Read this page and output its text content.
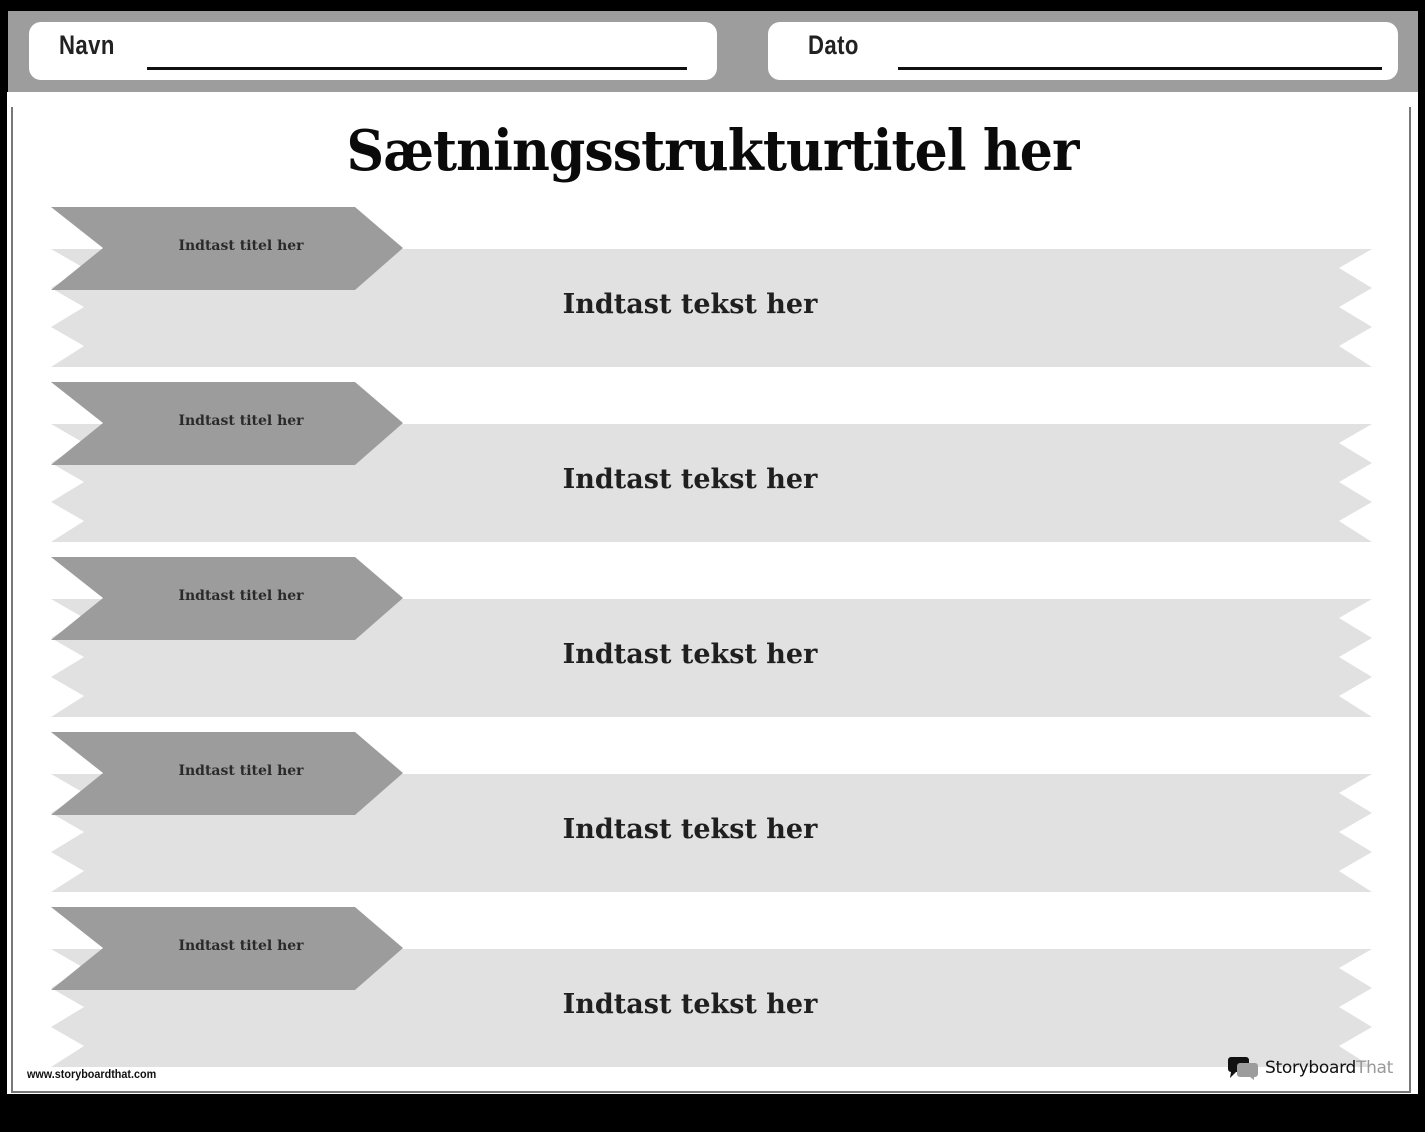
Navn	Dato
Sætningsstrukturtitel her
Indtast titel her
Indtast tekst her
Indtast titel her
Indtast tekst her
Indtast titel her
Indtast tekst her
Indtast titel her
Indtast tekst her
Indtast titel her
Indtast tekst her
www.storyboardthat.com	StoryboardThat
